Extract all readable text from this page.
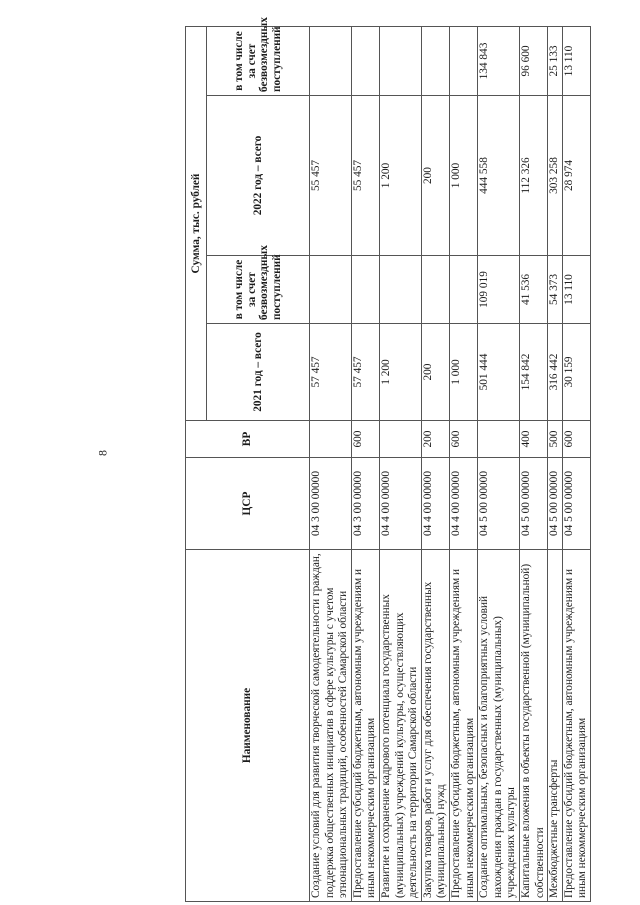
8
Наименование	ЦСР	ВР	Сумма, тыс. рублей			
			2021 год – всего	в том числе за счет безвозмездных поступлений	2022 год – всего	в том числе за счет безвозмездных поступлений
Создание условий для развития творческой самодеятельности граждан, поддержка общественных инициатив в сфере культуры с учетом этнонациональных традиций, особенностей Самарской области	04 3 00 00000		57 457		55 457	
Предоставление субсидий бюджетным, автономным учреждениям и иным некоммерческим организациям	04 3 00 00000	600	57 457		55 457	
Развитие и сохранение кадрового потенциала государственных (муниципальных) учреждений культуры, осуществляющих деятельность на территории Самарской области	04 4 00 00000		1 200		1 200	
Закупка товаров, работ и услуг для обеспечения государственных (муниципальных) нужд	04 4 00 00000	200	200		200	
Предоставление субсидий бюджетным, автономным учреждениям и иным некоммерческим организациям	04 4 00 00000	600	1 000		1 000	
Создание оптимальных, безопасных и благоприятных условий нахождения граждан в государственных (муниципальных) учреждениях культуры	04 5 00 00000		501 444	109 019	444 558	134 843
Капитальные вложения в объекты государственной (муниципальной) собственности	04 5 00 00000	400	154 842	41 536	112 326	96 600
Межбюджетные трансферты	04 5 00 00000	500	316 442	54 373	303 258	25 133
Предоставление субсидий бюджетным, автономным учреждениям и иным некоммерческим организациям	04 5 00 00000	600	30 159	13 110	28 974	13 110
